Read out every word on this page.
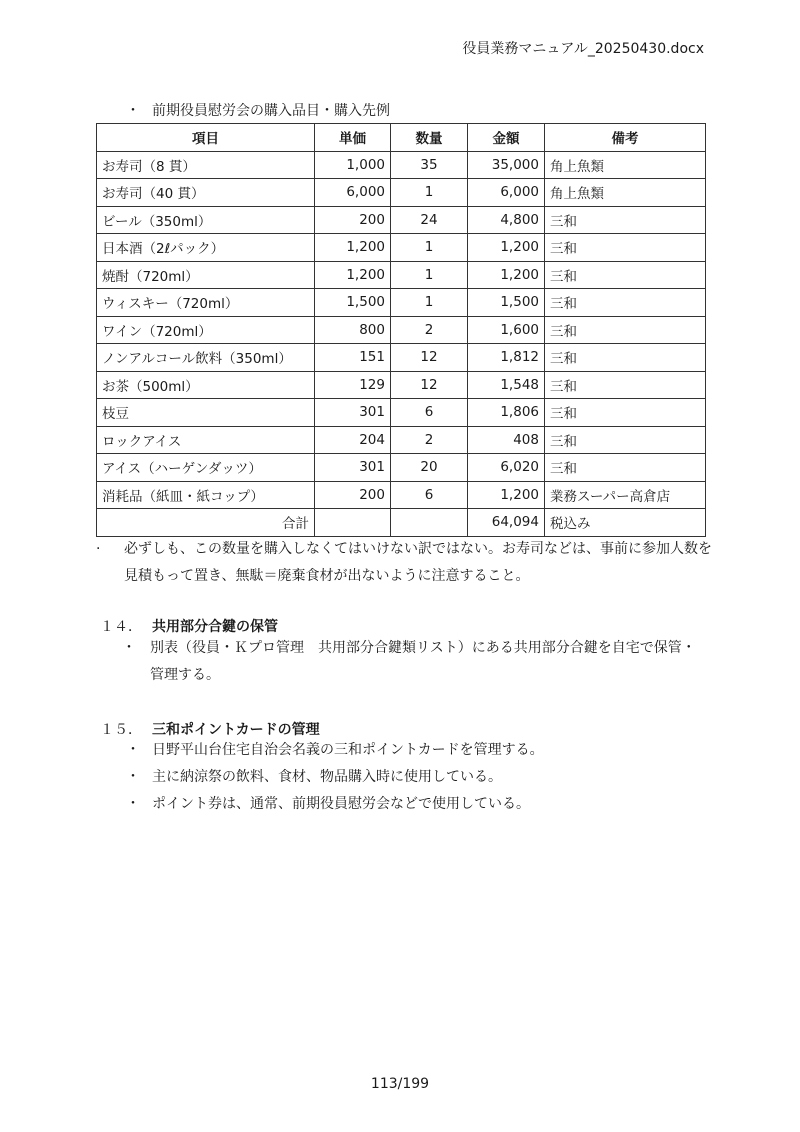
役員業務マニュアル_20250430.docx
・ 前期役員慰労会の購入品目・購入先例
項目	単価	数量	金額	備考
お寿司（8 貫）	1,000	35	35,000	角上魚類
お寿司（40 貫）	6,000	1	6,000	角上魚類
ビール（350ml）	200	24	4,800	三和
日本酒（2ℓパック）	1,200	1	1,200	三和
焼酎（720ml）	1,200	1	1,200	三和
ウィスキー（720ml）	1,500	1	1,500	三和
ワイン（720ml）	800	2	1,600	三和
ノンアルコール飲料（350ml）	151	12	1,812	三和
お茶（500ml）	129	12	1,548	三和
枝豆	301	6	1,806	三和
ロックアイス	204	2	408	三和
アイス（ハーゲンダッツ）	301	20	6,020	三和
消耗品（紙皿・紙コップ）	200	6	1,200	業務スーパー高倉店
合計			64,094	税込み
·	必ずしも、この数量を購入しなくてはいけない訳ではない。お寿司などは、事前に参加人数を見積もって置き、無駄＝廃棄食材が出ないように注意すること。
１４． 共用部分合鍵の保管
・ 別表（役員・Ｋプロ管理　共用部分合鍵類リスト）にある共用部分合鍵を自宅で保管・管理する。
１５． 三和ポイントカードの管理
・ 日野平山台住宅自治会名義の三和ポイントカードを管理する。
・ 主に納涼祭の飲料、食材、物品購入時に使用している。
・ ポイント券は、通常、前期役員慰労会などで使用している。
113/199
